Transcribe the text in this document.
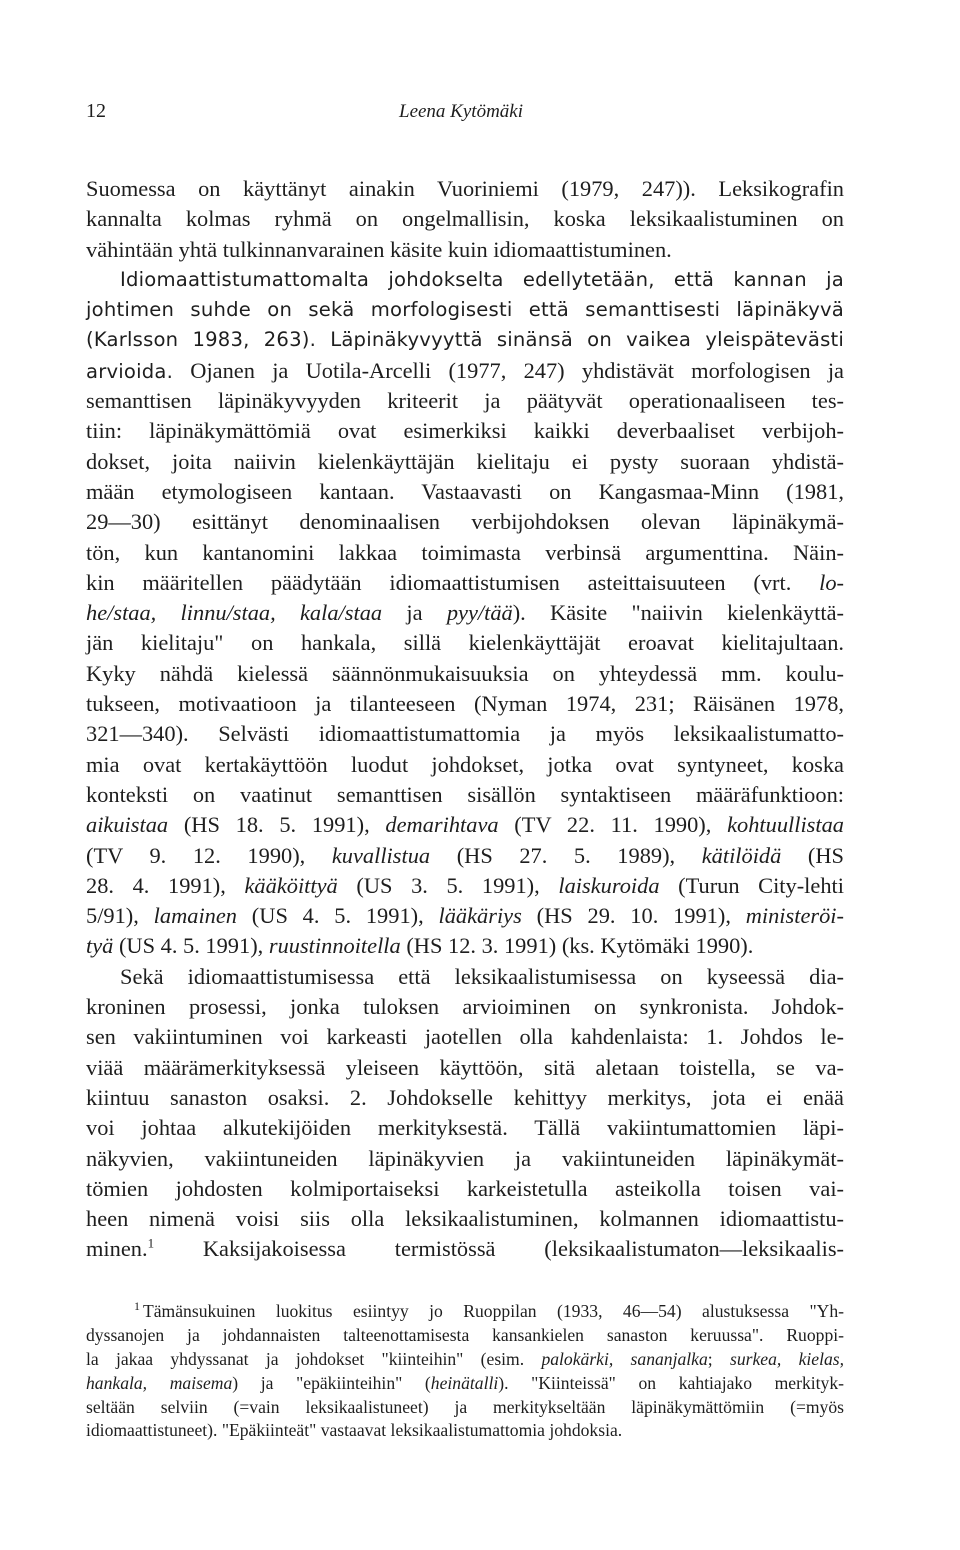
12	Leena Kytömäki
Suomessa on käyttänyt ainakin Vuoriniemi (1979, 247)). Leksikografin
kannalta kolmas ryhmä on ongelmallisin, koska leksikaalistuminen on
vähintään yhtä tulkinnanvarainen käsite kuin idiomaattistuminen.
Idiomaattistumattomalta johdokselta edellytetään, että kannan ja
johtimen suhde on sekä morfologisesti että semanttisesti läpinäkyvä
(Karlsson 1983, 263). Läpinäkyvyyttä sinänsä on vaikea yleispätevästi
arvioida. Ojanen ja Uotila-Arcelli (1977, 247) yhdistävät morfologisen ja
semanttisen läpinäkyvyyden kriteerit ja päätyvät operationaaliseen tes-
tiin: läpinäkymättömiä ovat esimerkiksi kaikki deverbaaliset verbijoh-
dokset, joita naiivin kielenkäyttäjän kielitaju ei pysty suoraan yhdistä-
mään etymologiseen kantaan. Vastaavasti on Kangasmaa-Minn (1981,
29—30) esittänyt denominaalisen verbijohdoksen olevan läpinäkymä-
tön, kun kantanomini lakkaa toimimasta verbinsä argumenttina. Näin-
kin määritellen päädytään idiomaattistumisen asteittaisuuteen (vrt. lo-
he/staa, linnu/staa, kala/staa ja pyy/tää). Käsite "naiivin kielenkäyttä-
jän kielitaju" on hankala, sillä kielenkäyttäjät eroavat kielitajultaan.
Kyky nähdä kielessä säännönmukaisuuksia on yhteydessä mm. koulu-
tukseen, motivaatioon ja tilanteeseen (Nyman 1974, 231; Räisänen 1978,
321—340). Selvästi idiomaattistumattomia ja myös leksikaalistumatto-
mia ovat kertakäyttöön luodut johdokset, jotka ovat syntyneet, koska
konteksti on vaatinut semanttisen sisällön syntaktiseen määräfunktioon:
aikuistaa (HS 18. 5. 1991), demarihtava (TV 22. 11. 1990), kohtuullistaa
(TV 9. 12. 1990), kuvallistua (HS 27. 5. 1989), kätilöidä (HS
28. 4. 1991), kääköittyä (US 3. 5. 1991), laiskuroida (Turun City-lehti
5/91), lamainen (US 4. 5. 1991), lääkäriys (HS 29. 10. 1991), ministeröi-
tyä (US 4. 5. 1991), ruustinnoitella (HS 12. 3. 1991) (ks. Kytömäki 1990).
Sekä idiomaattistumisessa että leksikaalistumisessa on kyseessä dia-
kroninen prosessi, jonka tuloksen arvioiminen on synkronista. Johdok-
sen vakiintuminen voi karkeasti jaotellen olla kahdenlaista: 1. Johdos le-
viää määrämerkityksessä yleiseen käyttöön, sitä aletaan toistella, se va-
kiintuu sanaston osaksi. 2. Johdokselle kehittyy merkitys, jota ei enää
voi johtaa alkutekijöiden merkityksestä. Tällä vakiintumattomien läpi-
näkyvien, vakiintuneiden läpinäkyvien ja vakiintuneiden läpinäkymät-
tömien johdosten kolmiportaiseksi karkeistetulla asteikolla toisen vai-
heen nimenä voisi siis olla leksikaalistuminen, kolmannen idiomaattistu-
minen.$^1$ Kaksijakoisessa termistössä (leksikaalistumaton—leksikaalis-
$^1$ Tämänsukuinen luokitus esiintyy jo Ruoppilan (1933, 46—54) alustuksessa "Yh-
dyssanojen ja johdannaisten talteenottamisesta kansankielen sanaston keruussa". Ruoppi-
la jakaa yhdyssanat ja johdokset "kiinteihin" (esim. palokärki, sananjalka; surkea, kielas,
hankala, maisema) ja "epäkiinteihin" (heinätalli). "Kiinteissä" on kahtiajako merkityk-
seltään selviin (=vain leksikaalistuneet) ja merkitykseltään läpinäkymättömiin (=myös
idiomaattistuneet). "Epäkiinteät" vastaavat leksikaalistumattomia johdoksia.
